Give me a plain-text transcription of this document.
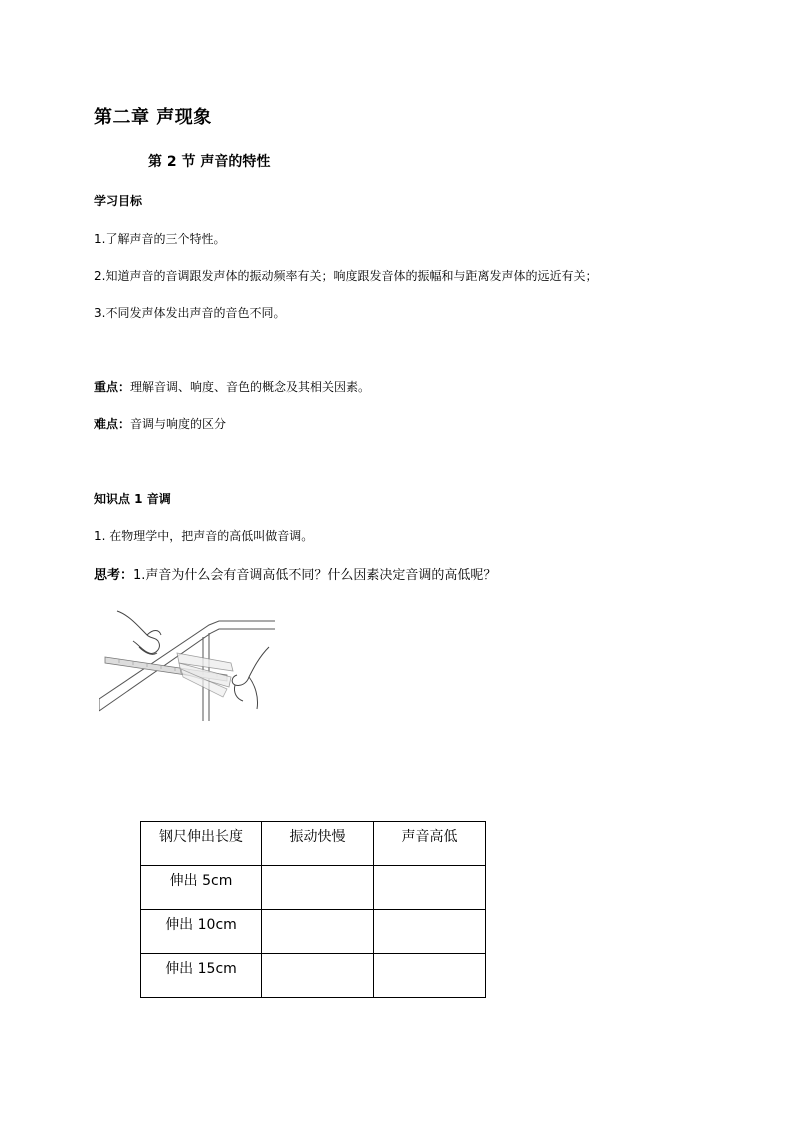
第二章 声现象
第 2 节 声音的特性
学习目标
1.了解声音的三个特性。
2.知道声音的音调跟发声体的振动频率有关；响度跟发音体的振幅和与距离发声体的远近有关；
3.不同发声体发出声音的音色不同。
重点：理解音调、响度、音色的概念及其相关因素。
难点：音调与响度的区分
知识点 1 音调
1. 在物理学中，把声音的高低叫做音调。
思考：1.声音为什么会有音调高低不同？什么因素决定音调的高低呢？
钢尺伸出长度	振动快慢	声音高低
伸出 5cm		
伸出 10cm		
伸出 15cm		
